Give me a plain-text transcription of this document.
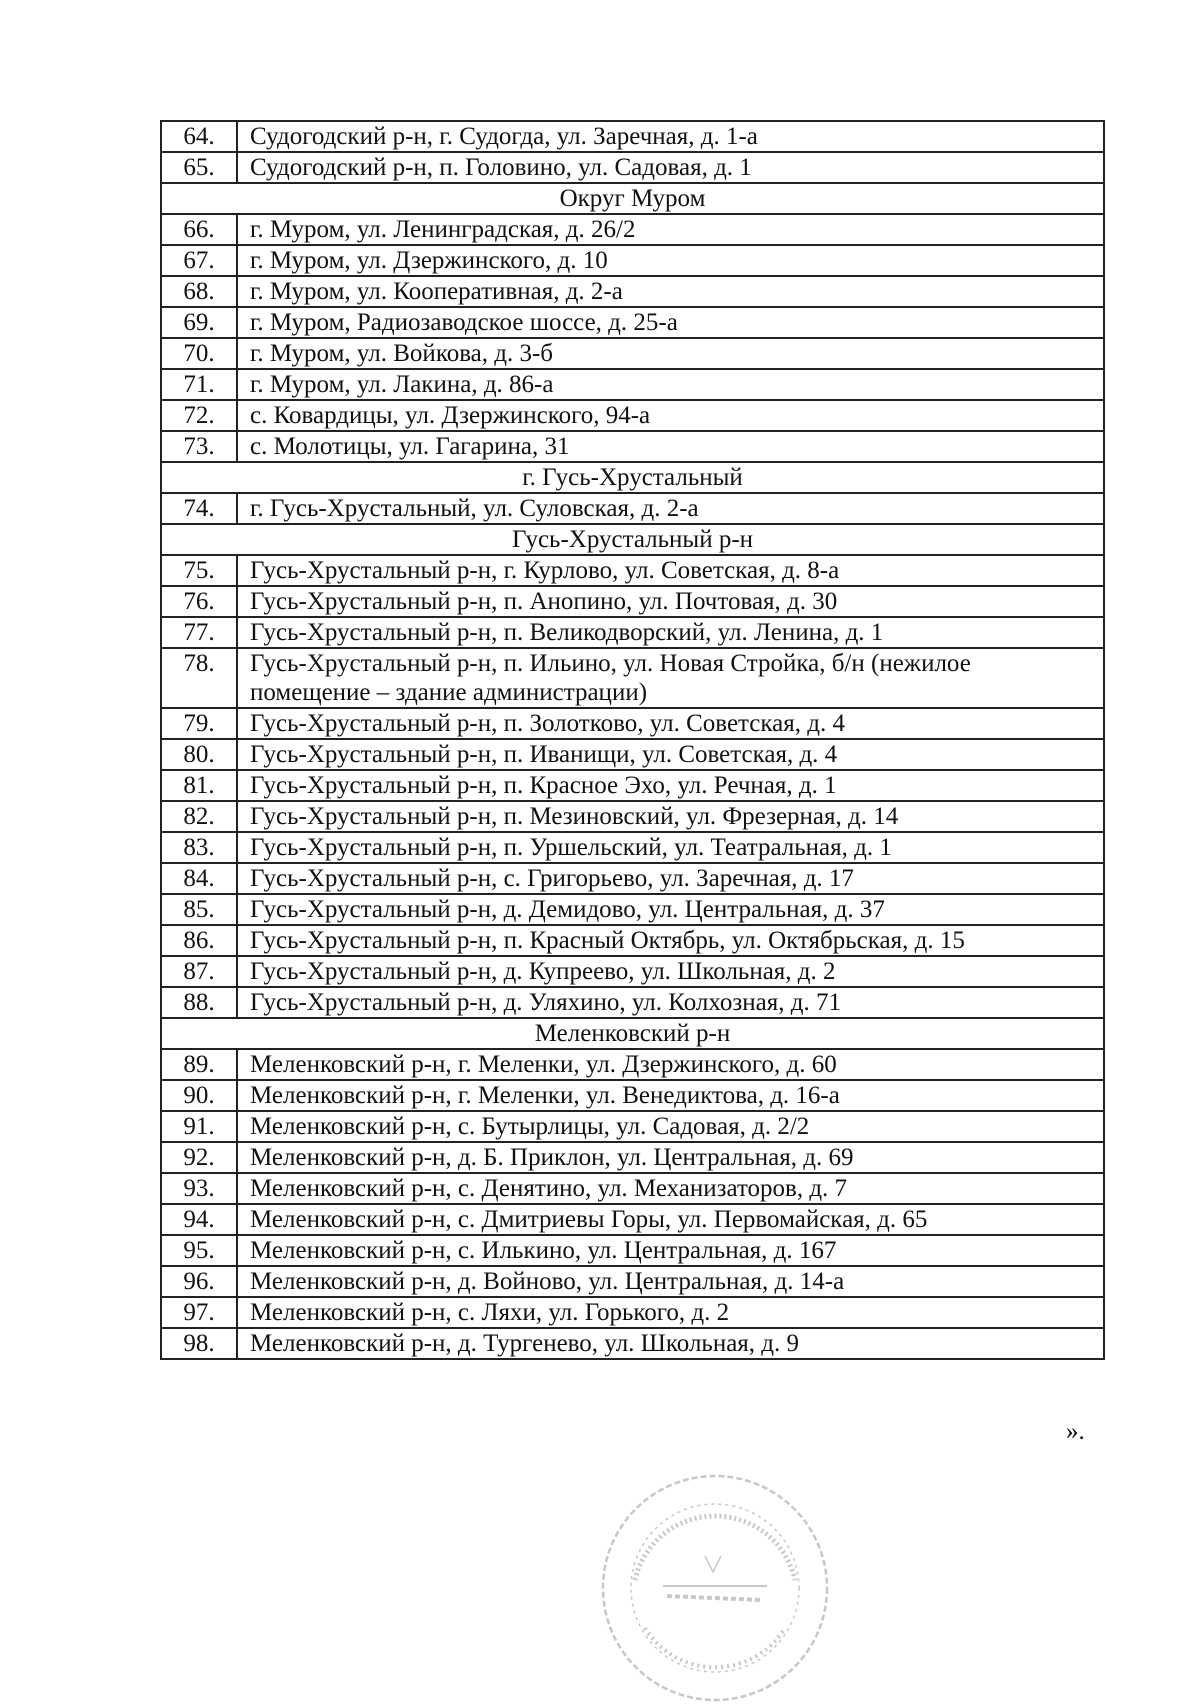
64.	Судогодский р-н, г. Судогда, ул. Заречная, д. 1-а
65.	Судогодский р-н, п. Головино, ул. Садовая, д. 1
Округ Муром	
66.	г. Муром, ул. Ленинградская, д. 26/2
67.	г. Муром, ул. Дзержинского, д. 10
68.	г. Муром, ул. Кооперативная, д. 2-а
69.	г. Муром, Радиозаводское шоссе, д. 25-а
70.	г. Муром, ул. Войкова, д. 3-б
71.	г. Муром, ул. Лакина, д. 86-а
72.	с. Ковардицы, ул. Дзержинского, 94-а
73.	с. Молотицы, ул. Гагарина, 31
г. Гусь-Хрустальный	
74.	г. Гусь-Хрустальный, ул. Суловская, д. 2-а
Гусь-Хрустальный р-н	
75.	Гусь-Хрустальный р-н, г. Курлово, ул. Советская, д. 8-а
76.	Гусь-Хрустальный р-н, п. Анопино, ул. Почтовая, д. 30
77.	Гусь-Хрустальный р-н, п. Великодворский, ул. Ленина, д. 1
78.	Гусь-Хрустальный р-н, п. Ильино, ул. Новая Стройка, б/н (нежилое помещение – здание администрации)
79.	Гусь-Хрустальный р-н, п. Золотково, ул. Советская, д. 4
80.	Гусь-Хрустальный р-н, п. Иванищи, ул. Советская, д. 4
81.	Гусь-Хрустальный р-н, п. Красное Эхо, ул. Речная, д. 1
82.	Гусь-Хрустальный р-н, п. Мезиновский, ул. Фрезерная, д. 14
83.	Гусь-Хрустальный р-н, п. Уршельский, ул. Театральная, д. 1
84.	Гусь-Хрустальный р-н, с. Григорьево, ул. Заречная, д. 17
85.	Гусь-Хрустальный р-н, д. Демидово, ул. Центральная, д. 37
86.	Гусь-Хрустальный р-н, п. Красный Октябрь, ул. Октябрьская, д. 15
87.	Гусь-Хрустальный р-н, д. Купреево, ул. Школьная, д. 2
88.	Гусь-Хрустальный р-н, д. Уляхино, ул. Колхозная, д. 71
Меленковский р-н	
89.	Меленковский р-н, г. Меленки, ул. Дзержинского, д. 60
90.	Меленковский р-н, г. Меленки, ул. Венедиктова, д. 16-а
91.	Меленковский р-н, с. Бутырлицы, ул. Садовая, д. 2/2
92.	Меленковский р-н, д. Б. Приклон, ул. Центральная, д. 69
93.	Меленковский р-н, с. Денятино, ул. Механизаторов, д. 7
94.	Меленковский р-н, с. Дмитриевы Горы, ул. Первомайская, д. 65
95.	Меленковский р-н, с. Илькино, ул. Центральная, д. 167
96.	Меленковский р-н, д. Войново, ул. Центральная, д. 14-а
97.	Меленковский р-н, с. Ляхи, ул. Горького, д. 2
98.	Меленковский р-н, д. Тургенево, ул. Школьная, д. 9
».
